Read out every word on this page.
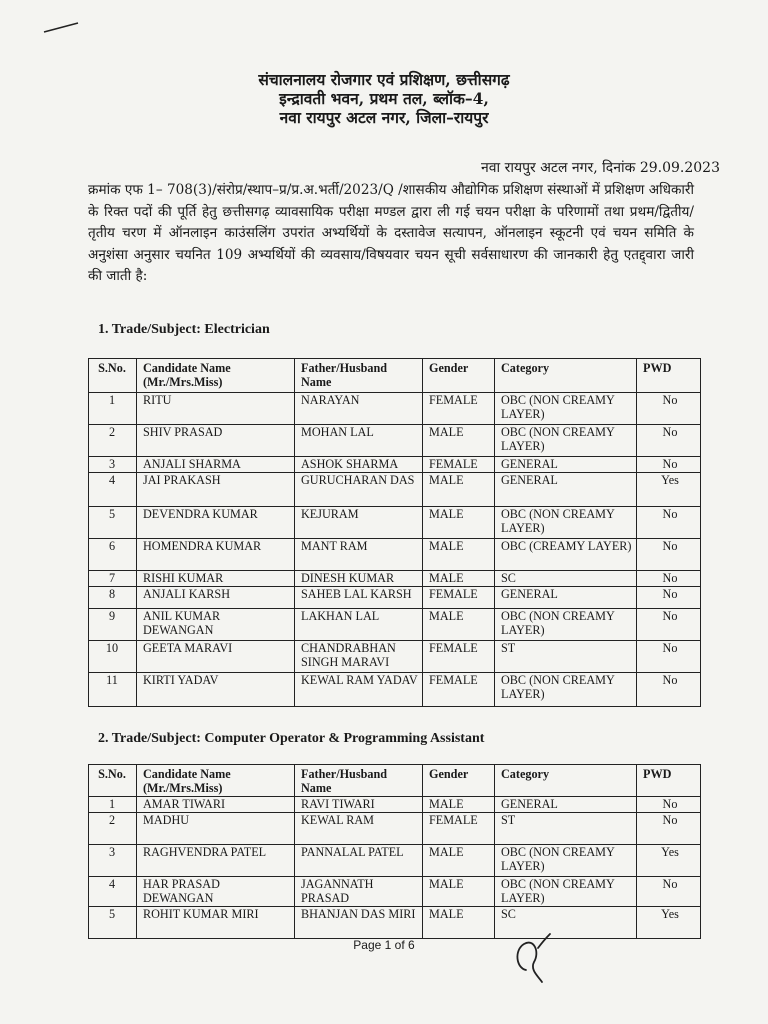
संचालनालय रोजगार एवं प्रशिक्षण, छत्तीसगढ़
इन्द्रावती भवन, प्रथम तल, ब्लॉक–4,
नवा रायपुर अटल नगर, जिला–रायपुर
नवा रायपुर अटल नगर, दिनांक 29.09.2023
क्रमांक एफ 1– 708(3)/संरोप्र/स्थाप–प्र/प्र.अ.भर्ती/2023/Q /शासकीय औद्योगिक प्रशिक्षण संस्थाओं में प्रशिक्षण अधिकारी के रिक्त पदों की पूर्ति हेतु छत्तीसगढ़ व्यावसायिक परीक्षा मण्डल द्वारा ली गई चयन परीक्षा के परिणामों तथा प्रथम/द्वितीय/तृतीय चरण में ऑनलाइन काउंसलिंग उपरांत अभ्यर्थियों के दस्तावेज सत्यापन, ऑनलाइन स्कूटनी एवं चयन समिति के अनुशंसा अनुसार चयनित 109 अभ्यर्थियों की व्यवसाय/विषयवार चयन सूची सर्वसाधारण की जानकारी हेतु एतद्द्वारा जारी की जाती है:
1. Trade/Subject: Electrician
S.No.	Candidate Name (Mr./Mrs.Miss)	Father/Husband Name	Gender	Category	PWD
1	RITU	NARAYAN	FEMALE	OBC (NON CREAMY LAYER)	No
2	SHIV PRASAD	MOHAN LAL	MALE	OBC (NON CREAMY LAYER)	No
3	ANJALI SHARMA	ASHOK SHARMA	FEMALE	GENERAL	No
4	JAI PRAKASH	GURUCHARAN DAS	MALE	GENERAL	Yes
5	DEVENDRA KUMAR	KEJURAM	MALE	OBC (NON CREAMY LAYER)	No
6	HOMENDRA KUMAR	MANT RAM	MALE	OBC (CREAMY LAYER)	No
7	RISHI KUMAR	DINESH KUMAR	MALE	SC	No
8	ANJALI KARSH	SAHEB LAL KARSH	FEMALE	GENERAL	No
9	ANIL KUMAR DEWANGAN	LAKHAN LAL	MALE	OBC (NON CREAMY LAYER)	No
10	GEETA MARAVI	CHANDRABHAN SINGH MARAVI	FEMALE	ST	No
11	KIRTI YADAV	KEWAL RAM YADAV	FEMALE	OBC (NON CREAMY LAYER)	No
2. Trade/Subject: Computer Operator & Programming Assistant
S.No.	Candidate Name (Mr./Mrs.Miss)	Father/Husband Name	Gender	Category	PWD
1	AMAR TIWARI	RAVI TIWARI	MALE	GENERAL	No
2	MADHU	KEWAL RAM	FEMALE	ST	No
3	RAGHVENDRA PATEL	PANNALAL PATEL	MALE	OBC (NON CREAMY LAYER)	Yes
4	HAR PRASAD DEWANGAN	JAGANNATH PRASAD	MALE	OBC (NON CREAMY LAYER)	No
5	ROHIT KUMAR MIRI	BHANJAN DAS MIRI	MALE	SC	Yes
Page 1 of 6
